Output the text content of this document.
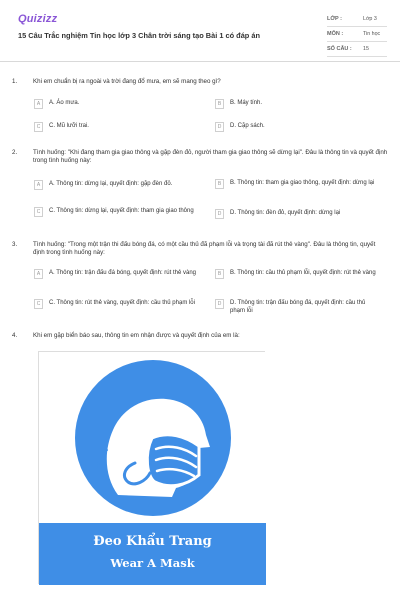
Quizizz
15 Câu Trắc nghiệm Tin học lớp 3 Chân trời sáng tạo Bài 1 có đáp án
LỚP :	Lớp 3
MÔN :	Tin học
SỐ CÂU : 15
1.	Khi em chuẩn bị ra ngoài và trời đang đổ mưa, em sẽ mang theo gì?
A	A. Áo mưa.	B	B. Máy tính.
C	C. Mũ lưỡi trai.	D	D. Cặp sách.
2.	Tình huống: "Khi đang tham gia giao thông và gặp đèn đỏ, người tham gia giao thông sẽ dừng lại". Đâu là thông tin và quyết định trong tình huống này:
A	A. Thông tin: dừng lại, quyết định: gặp đèn đỏ.	B	B. Thông tin: tham gia giao thông, quyết định: dừng lại
C	C. Thông tin: dừng lại, quyết định: tham gia giao thông	D	D. Thông tin: đèn đỏ, quyết định: dừng lại
3.	Tình huống: "Trong một trận thi đấu bóng đá, có một cầu thủ đã phạm lỗi và trọng tài đã rút thẻ vàng". Đâu là thông tin, quyết định trong tình huống này:
A	A. Thông tin: trận đấu đá bóng, quyết định: rút thẻ vàng	B	B. Thông tin: cầu thủ phạm lỗi, quyết định: rút thẻ vàng
C	C. Thông tin: rút thẻ vàng, quyết định: cầu thủ phạm lỗi	D	D. Thông tin: trận đấu bóng đá, quyết định: cầu thủ phạm lỗi
4.	Khi em gặp biển báo sau, thông tin em nhận được và quyết định của em là:
Đeo Khẩu Trang
Wear A Mask
